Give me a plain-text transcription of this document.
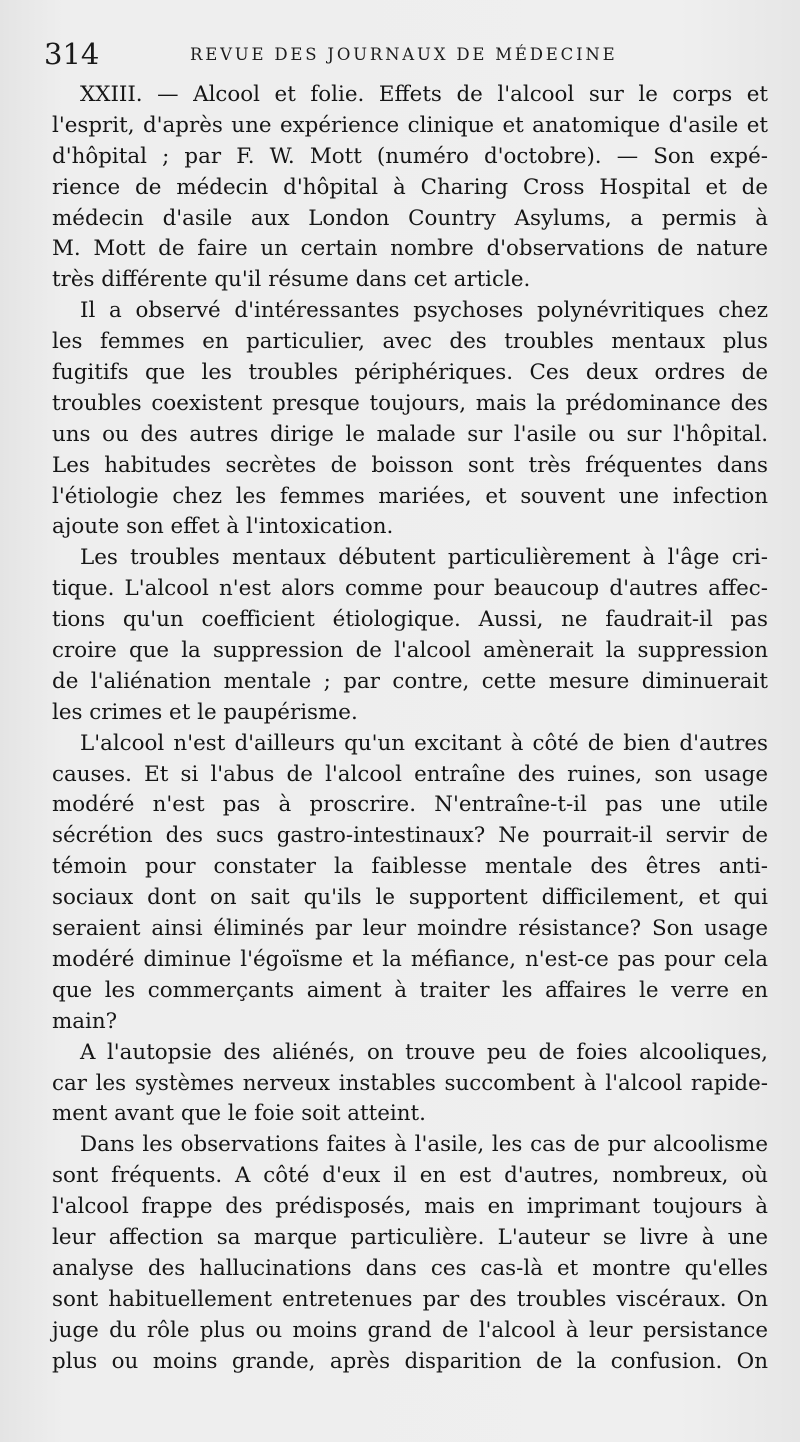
314	REVUE DES JOURNAUX DE MÉDECINE
XXIII. — Alcool et folie. Effets de l'alcool sur le corps et
l'esprit, d'après une expérience clinique et anatomique d'asile et
d'hôpital ; par F. W. Mott (numéro d'octobre). — Son expé-
rience de médecin d'hôpital à Charing Cross Hospital et de
médecin d'asile aux London Country Asylums, a permis à
M. Mott de faire un certain nombre d'observations de nature
très différente qu'il résume dans cet article.
Il a observé d'intéressantes psychoses polynévritiques chez
les femmes en particulier, avec des troubles mentaux plus
fugitifs que les troubles périphériques. Ces deux ordres de
troubles coexistent presque toujours, mais la prédominance des
uns ou des autres dirige le malade sur l'asile ou sur l'hôpital.
Les habitudes secrètes de boisson sont très fréquentes dans
l'étiologie chez les femmes mariées, et souvent une infection
ajoute son effet à l'intoxication.
Les troubles mentaux débutent particulièrement à l'âge cri-
tique. L'alcool n'est alors comme pour beaucoup d'autres affec-
tions qu'un coefficient étiologique. Aussi, ne faudrait-il pas
croire que la suppression de l'alcool amènerait la suppression
de l'aliénation mentale ; par contre, cette mesure diminuerait
les crimes et le paupérisme.
L'alcool n'est d'ailleurs qu'un excitant à côté de bien d'autres
causes. Et si l'abus de l'alcool entraîne des ruines, son usage
modéré n'est pas à proscrire. N'entraîne-t-il pas une utile
sécrétion des sucs gastro-intestinaux? Ne pourrait-il servir de
témoin pour constater la faiblesse mentale des êtres anti-
sociaux dont on sait qu'ils le supportent difficilement, et qui
seraient ainsi éliminés par leur moindre résistance? Son usage
modéré diminue l'égoïsme et la méfiance, n'est-ce pas pour cela
que les commerçants aiment à traiter les affaires le verre en
main?
A l'autopsie des aliénés, on trouve peu de foies alcooliques,
car les systèmes nerveux instables succombent à l'alcool rapide-
ment avant que le foie soit atteint.
Dans les observations faites à l'asile, les cas de pur alcoolisme
sont fréquents. A côté d'eux il en est d'autres, nombreux, où
l'alcool frappe des prédisposés, mais en imprimant toujours à
leur affection sa marque particulière. L'auteur se livre à une
analyse des hallucinations dans ces cas-là et montre qu'elles
sont habituellement entretenues par des troubles viscéraux. On
juge du rôle plus ou moins grand de l'alcool à leur persistance
plus ou moins grande, après disparition de la confusion. On
